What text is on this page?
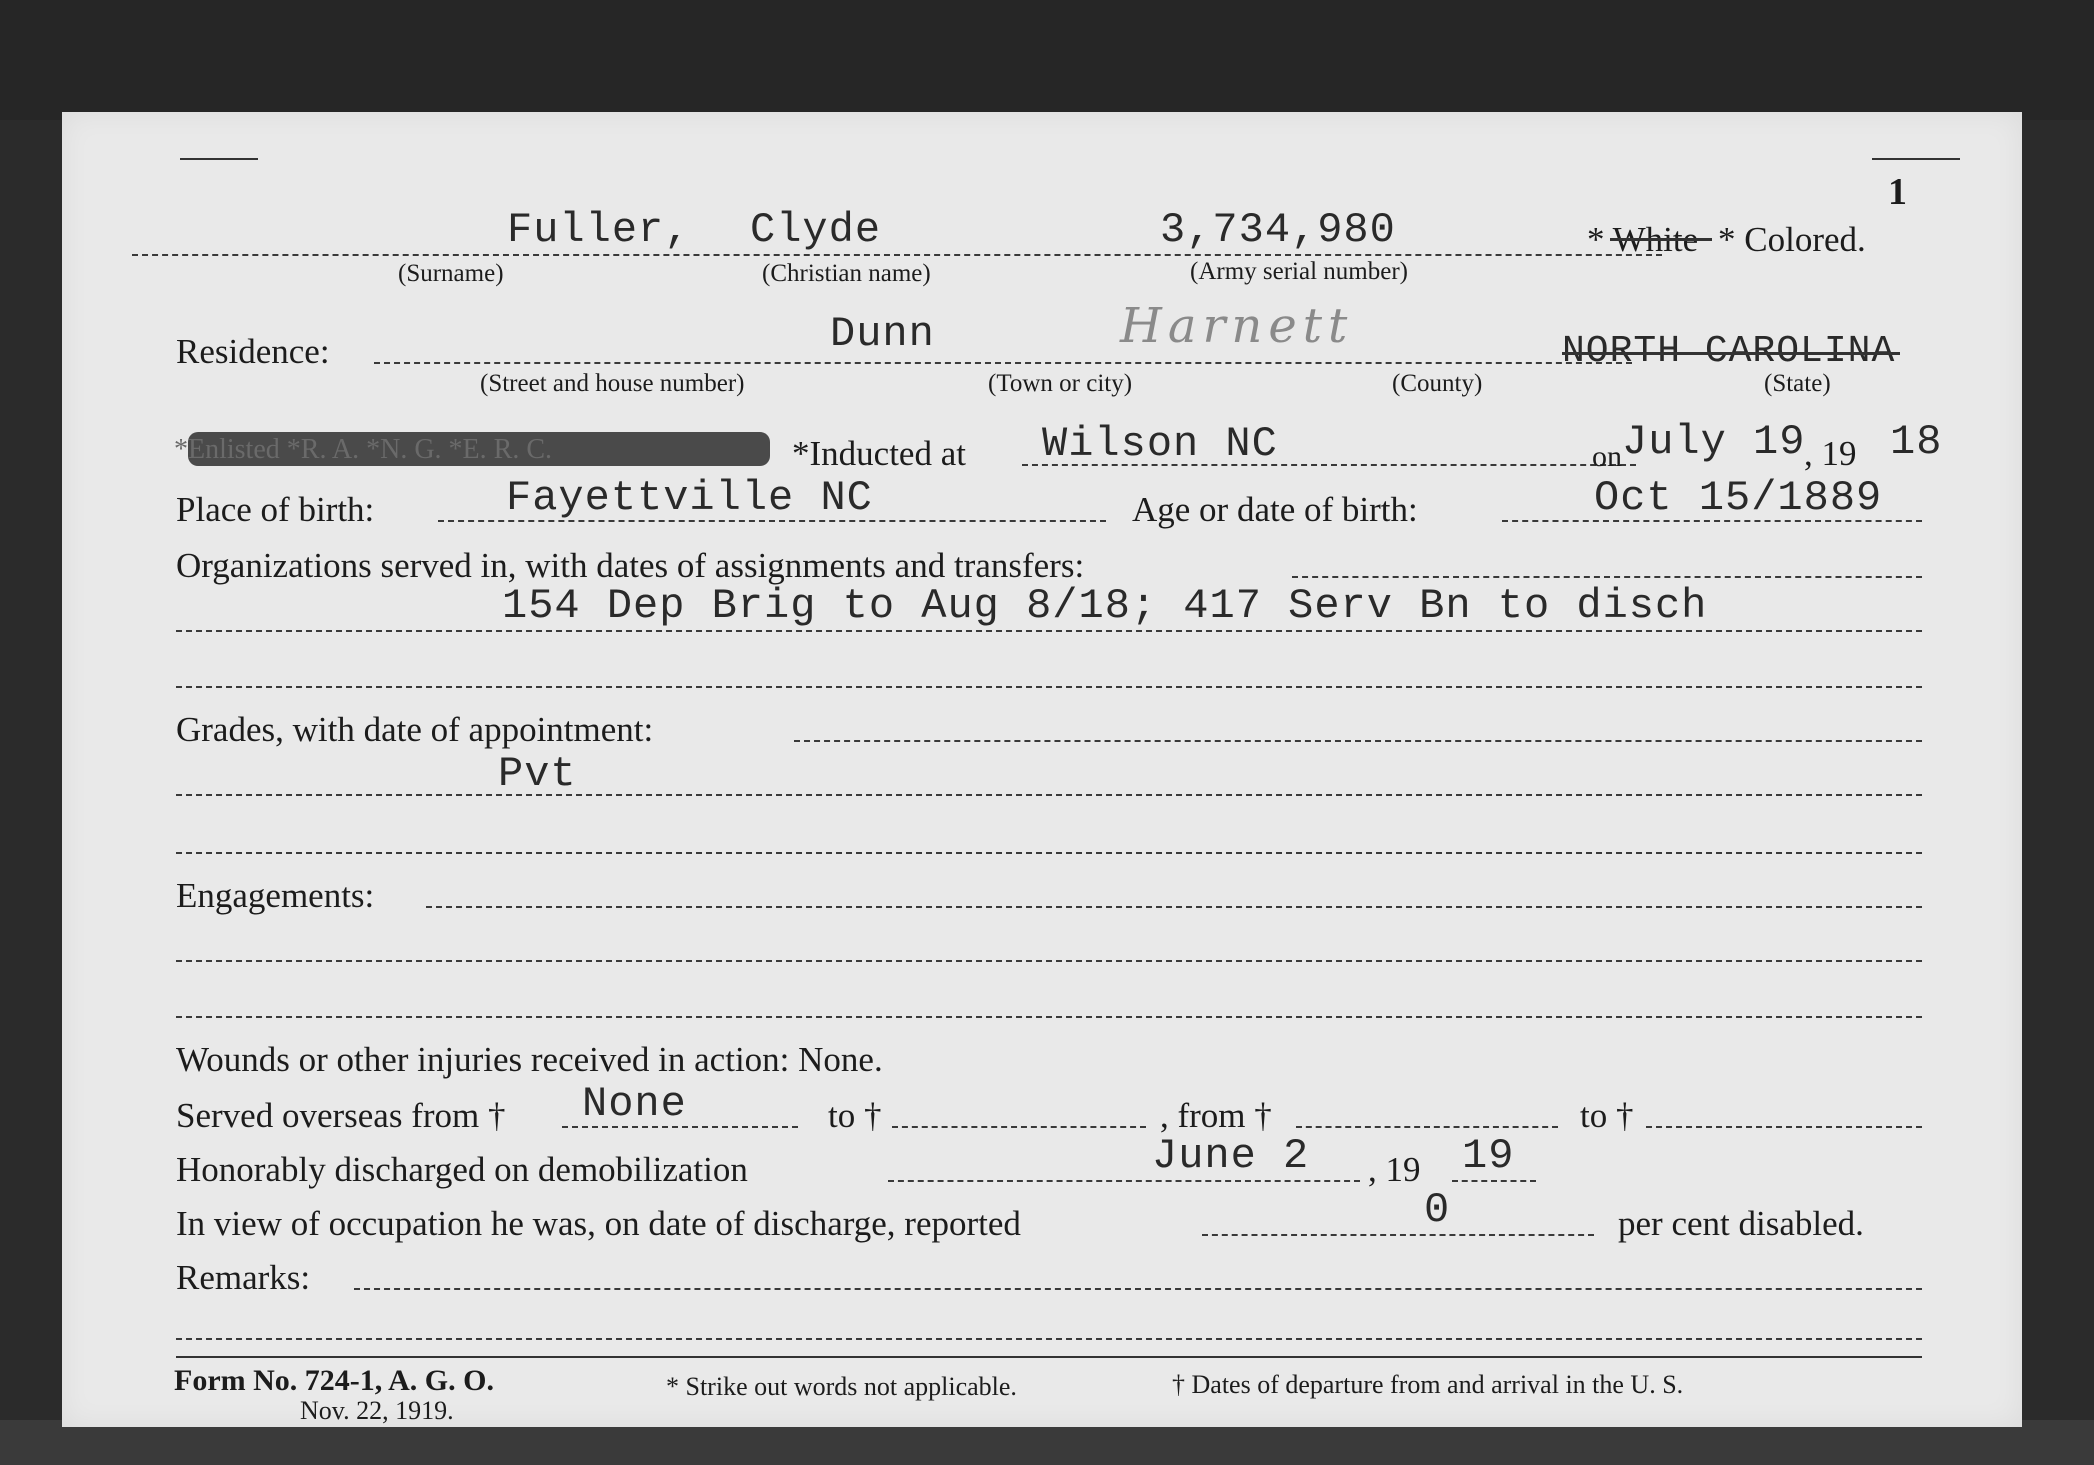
1
Fuller, Clyde	3,734,980	* White * Colored.
(Surname)	(Christian name)	(Army serial number)
Residence:	Dunn	Harnett	NORTH CAROLINA
(Street and house number)	(Town or city)	(County)	(State)
*Enlisted *R. A. *N. G. *E. R. C.	*Inducted at Wilson NC	on July 19
, 19 18
Place of birth:	Fayettville NC	Age or date of birth:	Oct 15/1889
Organizations served in, with dates of assignments and transfers:
154 Dep Brig to Aug 8/18; 417 Serv Bn to disch
Grades, with date of appointment:
Pvt
Engagements:
Wounds or other injuries received in action: None.
Served overseas from † None	to †	, from †	to †
Honorably discharged on demobilization	June 2 , 19 19
In view of occupation he was, on date of discharge, reported	0	per cent disabled.
Remarks:
Form No. 724-1, A. G. O.
Nov. 22, 1919.
* Strike out words not applicable.	† Dates of departure from and arrival in the U. S.
